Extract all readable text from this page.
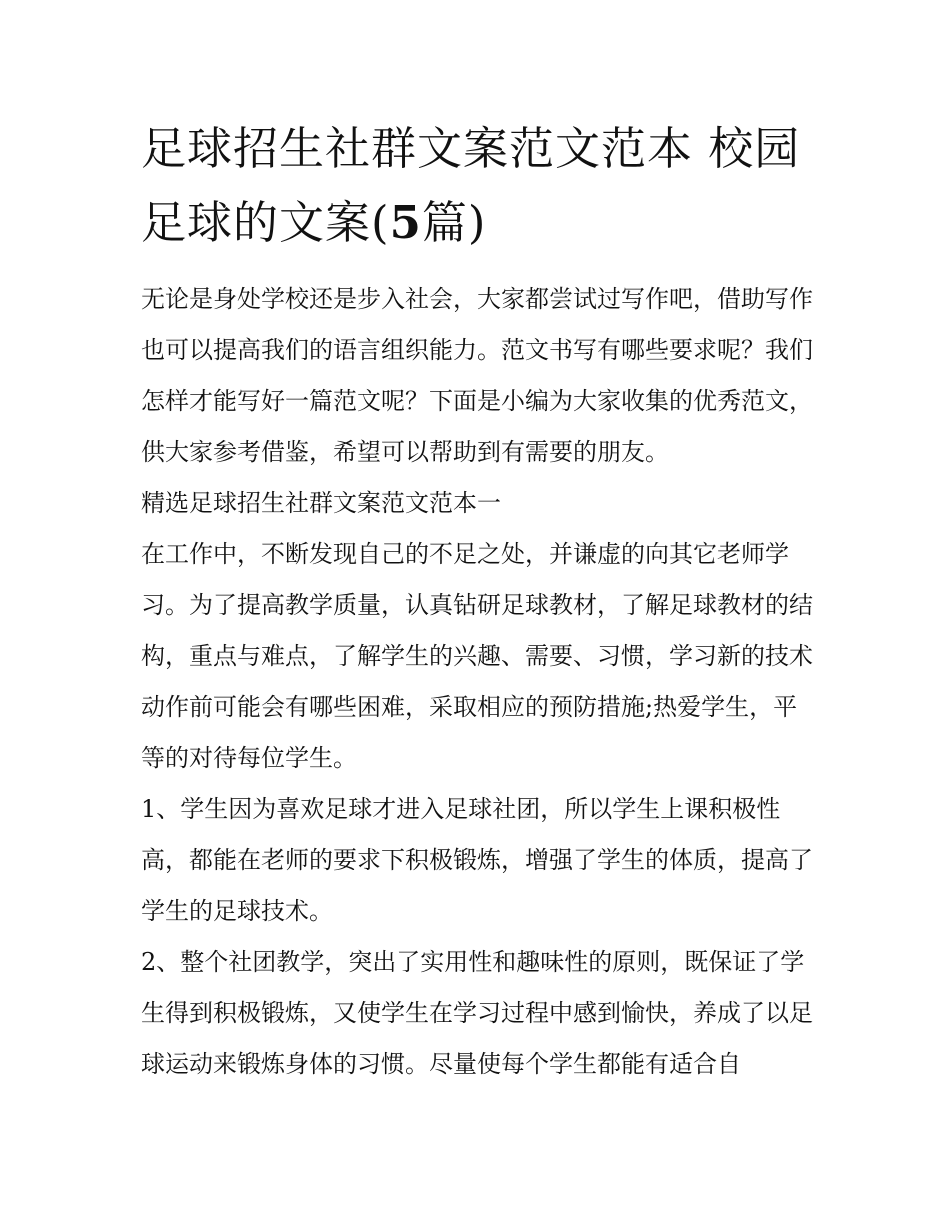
足球招生社群文案范文范本 校园足球的文案(5篇)

无论是身处学校还是步入社会，大家都尝试过写作吧，借助写作也可以提高我们的语言组织能力。范文书写有哪些要求呢？我们怎样才能写好一篇范文呢？下面是小编为大家收集的优秀范文，供大家参考借鉴，希望可以帮助到有需要的朋友。

精选足球招生社群文案范文范本一

在工作中，不断发现自己的不足之处，并谦虚的向其它老师学习。为了提高教学质量，认真钻研足球教材，了解足球教材的结构，重点与难点，了解学生的兴趣、需要、习惯，学习新的技术动作前可能会有哪些困难，采取相应的预防措施;热爱学生，平等的对待每位学生。

1、学生因为喜欢足球才进入足球社团，所以学生上课积极性高，都能在老师的要求下积极锻炼，增强了学生的体质，提高了学生的足球技术。

2、整个社团教学，突出了实用性和趣味性的原则，既保证了学生得到积极锻炼，又使学生在学习过程中感到愉快，养成了以足球运动来锻炼身体的习惯。尽量使每个学生都能有适合自
